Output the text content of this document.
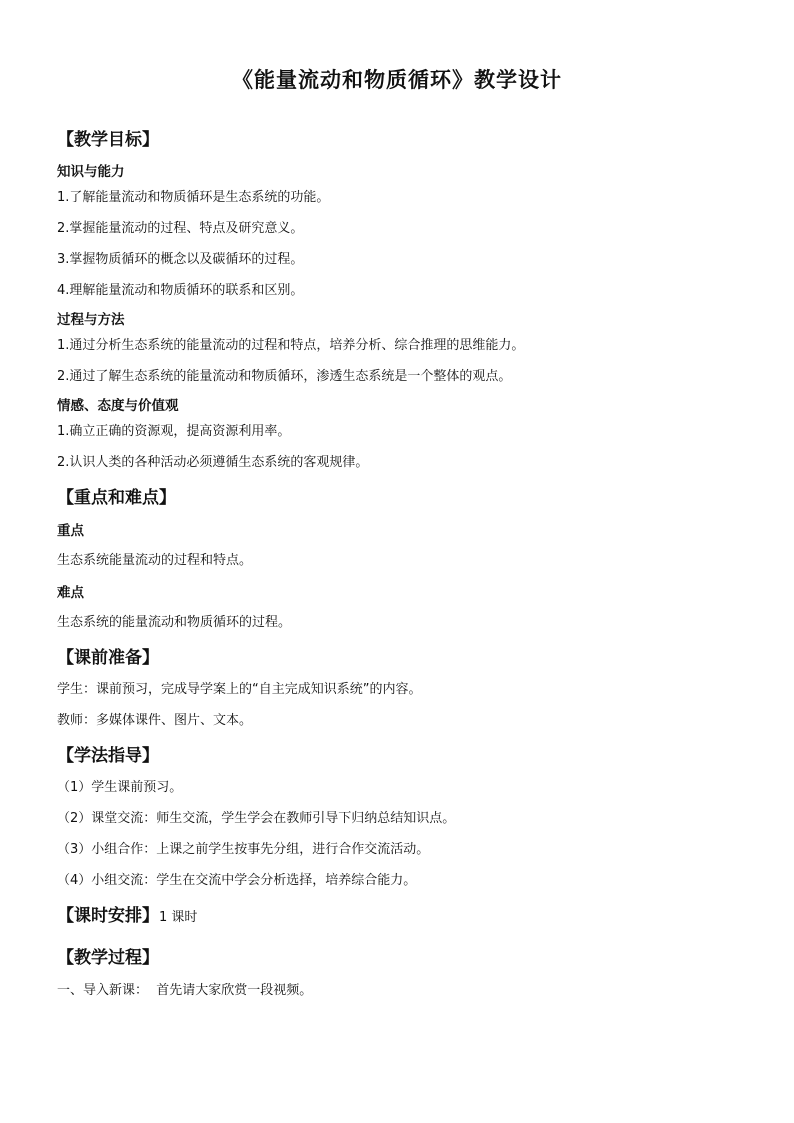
《能量流动和物质循环》教学设计
【教学目标】
知识与能力
1.了解能量流动和物质循环是生态系统的功能。
2.掌握能量流动的过程、特点及研究意义。
3.掌握物质循环的概念以及碳循环的过程。
4.理解能量流动和物质循环的联系和区别。
过程与方法
1.通过分析生态系统的能量流动的过程和特点，培养分析、综合推理的思维能力。
2.通过了解生态系统的能量流动和物质循环，渗透生态系统是一个整体的观点。
情感、态度与价值观
1.确立正确的资源观，提高资源利用率。
2.认识人类的各种活动必须遵循生态系统的客观规律。
【重点和难点】
重点
生态系统能量流动的过程和特点。
难点
生态系统的能量流动和物质循环的过程。
【课前准备】
学生：课前预习，完成导学案上的“自主完成知识系统”的内容。
教师：多媒体课件、图片、文本。
【学法指导】
（1）学生课前预习。
（2）课堂交流：师生交流，学生学会在教师引导下归纳总结知识点。
（3）小组合作：上课之前学生按事先分组，进行合作交流活动。
（4）小组交流：学生在交流中学会分析选择，培养综合能力。
【课时安排】1 课时
【教学过程】
一、导入新课：  首先请大家欣赏一段视频。
